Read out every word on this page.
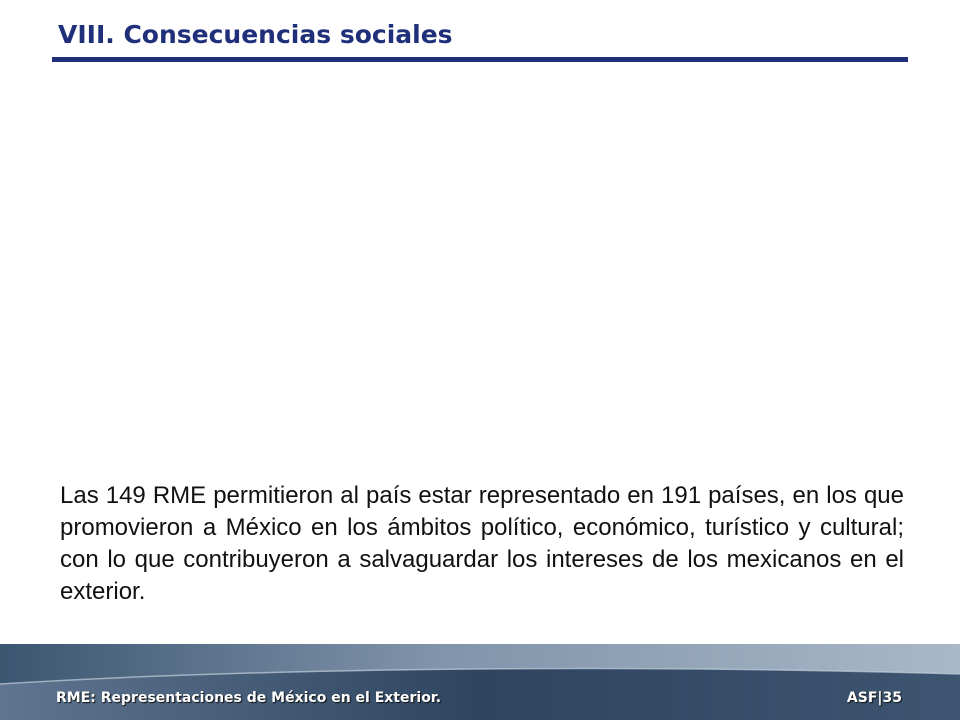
VIII. Consecuencias sociales

Las 149 RME permitieron al país estar representado en 191 países, en los que promovieron a México en los ámbitos político, económico, turístico y cultural; con lo que contribuyeron a salvaguardar los intereses de los mexicanos en el exterior.

RME: Representaciones de México en el Exterior.	ASF|35
